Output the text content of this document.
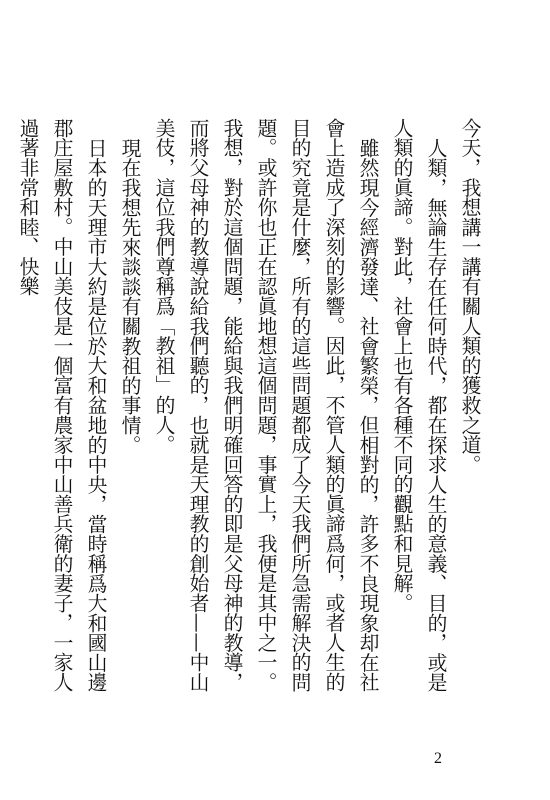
今天，我想講一講有關人類的獲救之道。

人類，無論生存在任何時代，都在探求人生的意義、目的，或是人類的眞諦。對此，社會上也有各種不同的觀點和見解。

雖然現今經濟發達、社會繁榮，但相對的，許多不良現象却在社會上造成了深刻的影響。因此，不管人類的眞諦爲何，或者人生的目的究竟是什麼，所有的這些問題都成了今天我們所急需解決的問題。或許你也正在認眞地想這個問題，事實上，我便是其中之一。我想，對於這個問題，能給與我們明確回答的即是父母神的教導，而將父母神的教導說給我們聽的，也就是天理教的創始者——中山美伎，這位我們尊稱爲「教祖」的人。

現在我想先來談談有關教祖的事情。

日本的天理市大約是位於大和盆地的中央，當時稱爲大和國山邊郡庄屋敷村。中山美伎是一個富有農家中山善兵衛的妻子，一家人過著非常和睦、快樂

2
